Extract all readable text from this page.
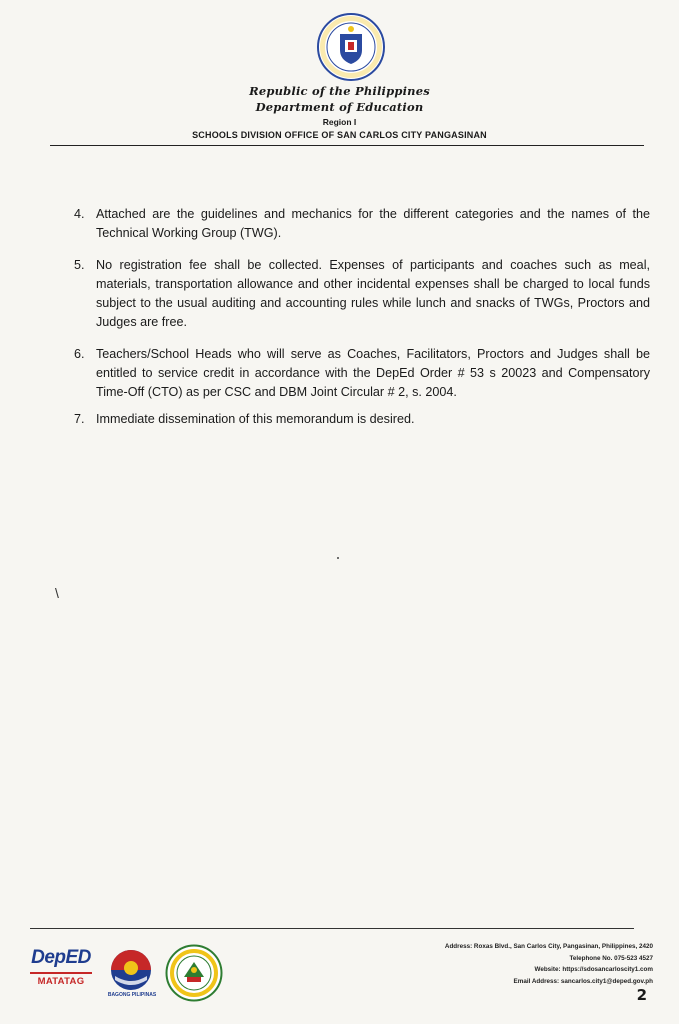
Republic of the Philippines
Department of Education
Region I
SCHOOLS DIVISION OFFICE OF SAN CARLOS CITY PANGASINAN
4. Attached are the guidelines and mechanics for the different categories and the names of the Technical Working Group (TWG).
5. No registration fee shall be collected. Expenses of participants and coaches such as meal, materials, transportation allowance and other incidental expenses shall be charged to local funds subject to the usual auditing and accounting rules while lunch and snacks of TWGs, Proctors and Judges are free.
6. Teachers/School Heads who will serve as Coaches, Facilitators, Proctors and Judges shall be entitled to service credit in accordance with the DepEd Order # 53 s 20023 and Compensatory Time-Off (CTO) as per CSC and DBM Joint Circular # 2, s. 2004.
7. Immediate dissemination of this memorandum is desired.
\
DepED
MATATAG
BAGONG PILIPINAS
Address: Roxas Blvd., San Carlos City, Pangasinan, Philippines, 2420
Telephone No. 075-523 4527
Website: https://sdosancarloscity1.com
Email Address: sancarlos.city1@deped.gov.ph
2
